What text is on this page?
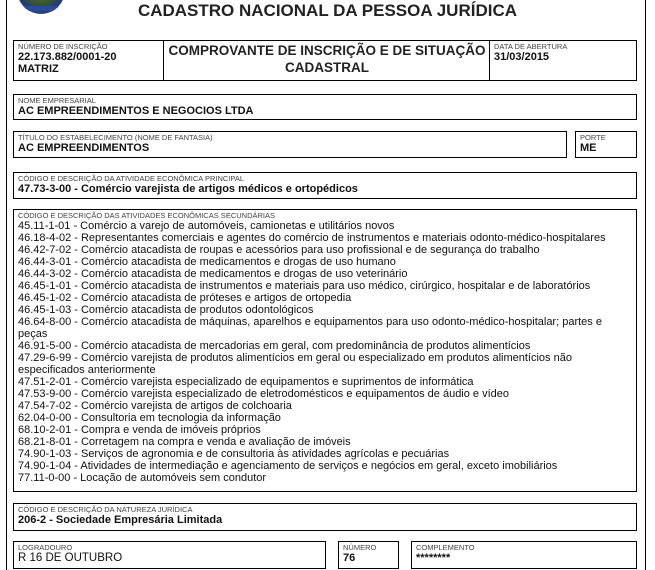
CADASTRO NACIONAL DA PESSOA JURÍDICA
NÚMERO DE INSCRIÇÃO
22.173.882/0001-20
MATRIZ
COMPROVANTE DE INSCRIÇÃO E DE SITUAÇÃO
CADASTRAL
DATA DE ABERTURA
31/03/2015
NOME EMPRESARIAL
AC EMPREENDIMENTOS E NEGOCIOS LTDA
TÍTULO DO ESTABELECIMENTO (NOME DE FANTASIA)
AC EMPREENDIMENTOS
PORTE
ME
CÓDIGO E DESCRIÇÃO DA ATIVIDADE ECONÔMICA PRINCIPAL
47.73-3-00 - Comércio varejista de artigos médicos e ortopédicos
CÓDIGO E DESCRIÇÃO DAS ATIVIDADES ECONÔMICAS SECUNDÁRIAS
45.11-1-01 - Comércio a varejo de automóveis, camionetas e utilitários novos
46.18-4-02 - Representantes comerciais e agentes do comércio de instrumentos e materiais odonto-médico-hospitalares
46.42-7-02 - Comércio atacadista de roupas e acessórios para uso profissional e de segurança do trabalho
46.44-3-01 - Comércio atacadista de medicamentos e drogas de uso humano
46.44-3-02 - Comércio atacadista de medicamentos e drogas de uso veterinário
46.45-1-01 - Comércio atacadista de instrumentos e materiais para uso médico, cirúrgico, hospitalar e de laboratórios
46.45-1-02 - Comércio atacadista de próteses e artigos de ortopedia
46.45-1-03 - Comércio atacadista de produtos odontológicos
46.64-8-00 - Comércio atacadista de máquinas, aparelhos e equipamentos para uso odonto-médico-hospitalar; partes e peças
46.91-5-00 - Comércio atacadista de mercadorias em geral, com predominância de produtos alimentícios
47.29-6-99 - Comércio varejista de produtos alimentícios em geral ou especializado em produtos alimentícios não especificados anteriormente
47.51-2-01 - Comércio varejista especializado de equipamentos e suprimentos de informática
47.53-9-00 - Comércio varejista especializado de eletrodomésticos e equipamentos de áudio e vídeo
47.54-7-02 - Comércio varejista de artigos de colchoaria
62.04-0-00 - Consultoria em tecnologia da informação
68.10-2-01 - Compra e venda de imóveis próprios
68.21-8-01 - Corretagem na compra e venda e avaliação de imóveis
74.90-1-03 - Serviços de agronomia e de consultoria às atividades agrícolas e pecuárias
74.90-1-04 - Atividades de intermediação e agenciamento de serviços e negócios em geral, exceto imobiliários
77.11-0-00 - Locação de automóveis sem condutor
CÓDIGO E DESCRIÇÃO DA NATUREZA JURÍDICA
206-2 - Sociedade Empresária Limitada
LOGRADOURO
R 16 DE OUTUBRO
NÚMERO
76
COMPLEMENTO
********
